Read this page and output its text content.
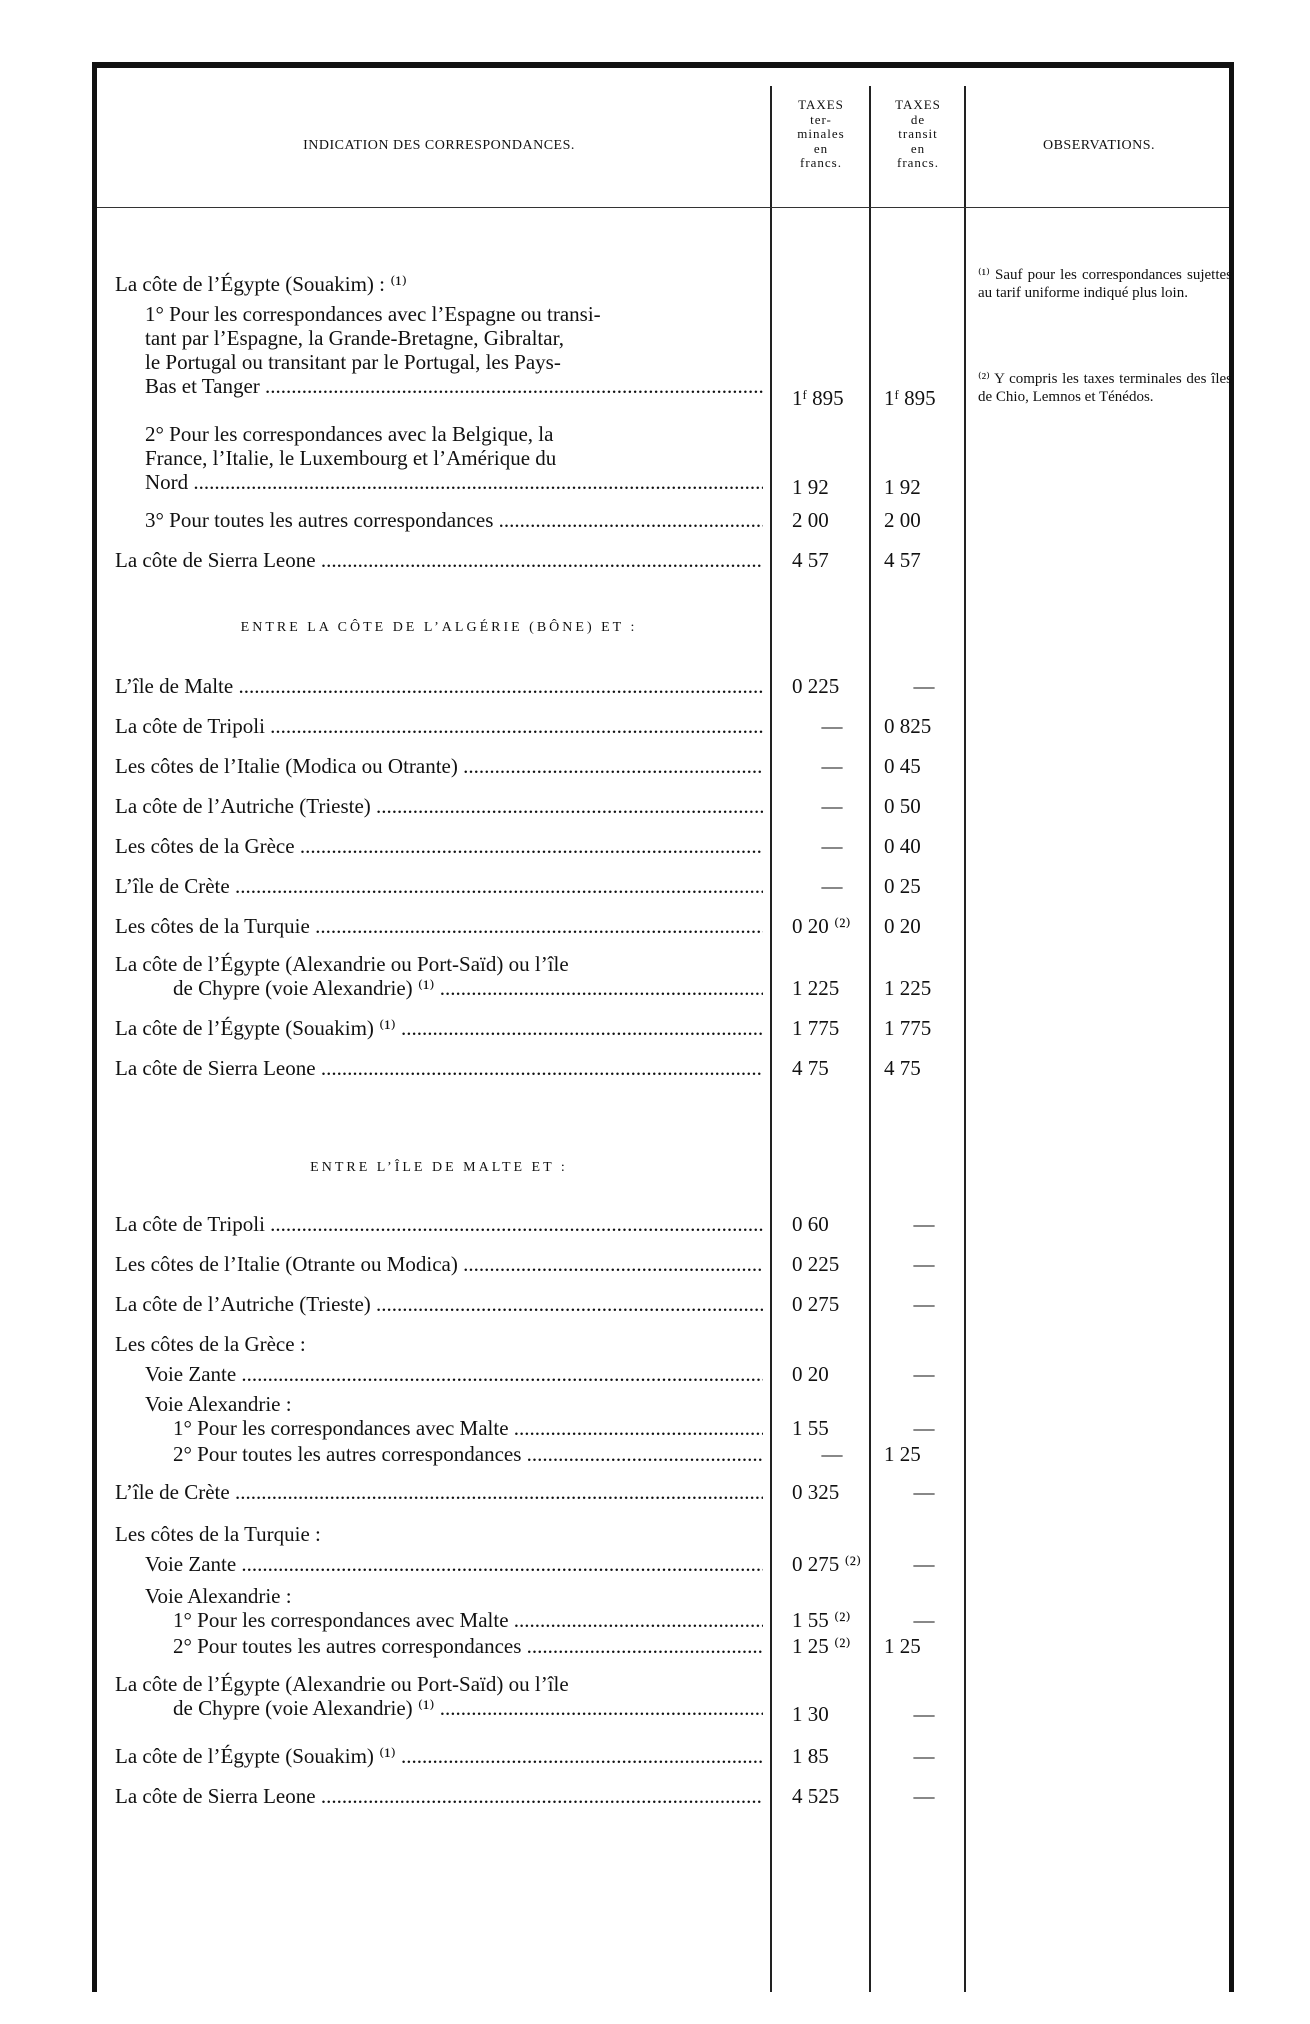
INDICATION DES CORRESPONDANCES.
TAXES
ter-
minales
en
francs.
TAXES
de
transit
en
francs.
OBSERVATIONS.
La côte de l’Égypte (Souakim) : ⁽¹⁾
1° Pour les correspondances avec l’Espagne ou transi-
tant par l’Espagne, la Grande-Bretagne, Gibraltar,
le Portugal ou transitant par le Portugal, les Pays-
Bas et Tanger .....	1ᶠ 895	1ᶠ 895
2° Pour les correspondances avec la Belgique, la
France, l’Italie, le Luxembourg et l’Amérique du
Nord .....	1 92	1 92
3° Pour toutes les autres correspondances .....	2 00	2 00
La côte de Sierra Leone .....	4 57	4 57
ENTRE LA CÔTE DE L’ALGÉRIE (BÔNE) ET :
L’île de Malte .....	0 225	—
La côte de Tripoli .....	—	0 825
Les côtes de l’Italie (Modica ou Otrante) .....	—	0 45
La côte de l’Autriche (Trieste) .....	—	0 50
Les côtes de la Grèce .....	—	0 40
L’île de Crète .....	—	0 25
Les côtes de la Turquie .....	0 20 ⁽²⁾	0 20
La côte de l’Égypte (Alexandrie ou Port-Saïd) ou l’île
de Chypre (voie Alexandrie) ⁽¹⁾ .....	1 225	1 225
La côte de l’Égypte (Souakim) ⁽¹⁾ .....	1 775	1 775
La côte de Sierra Leone .....	4 75	4 75
ENTRE L’ÎLE DE MALTE ET :
La côte de Tripoli .....	0 60	—
Les côtes de l’Italie (Otrante ou Modica) .....	0 225	—
La côte de l’Autriche (Trieste) .....	0 275	—
Les côtes de la Grèce :
Voie Zante .....	0 20	—
Voie Alexandrie :
1° Pour les correspondances avec Malte .....	1 55	—
2° Pour toutes les autres correspondances .....	—	1 25
L’île de Crète .....	0 325	—
Les côtes de la Turquie :
Voie Zante .....	0 275 ⁽²⁾	—
Voie Alexandrie :
1° Pour les correspondances avec Malte .....	1 55 ⁽²⁾	—
2° Pour toutes les autres correspondances .....	1 25 ⁽²⁾	1 25
La côte de l’Égypte (Alexandrie ou Port-Saïd) ou l’île
de Chypre (voie Alexandrie) ⁽¹⁾ .....	1 30	—
La côte de l’Égypte (Souakim) ⁽¹⁾ .....	1 85	—
La côte de Sierra Leone .....	4 525	—
⁽¹⁾ Sauf pour les correspondances sujettes au tarif uniforme indiqué plus loin.
⁽²⁾ Y compris les taxes terminales des îles de Chio, Lemnos et Ténédos.
